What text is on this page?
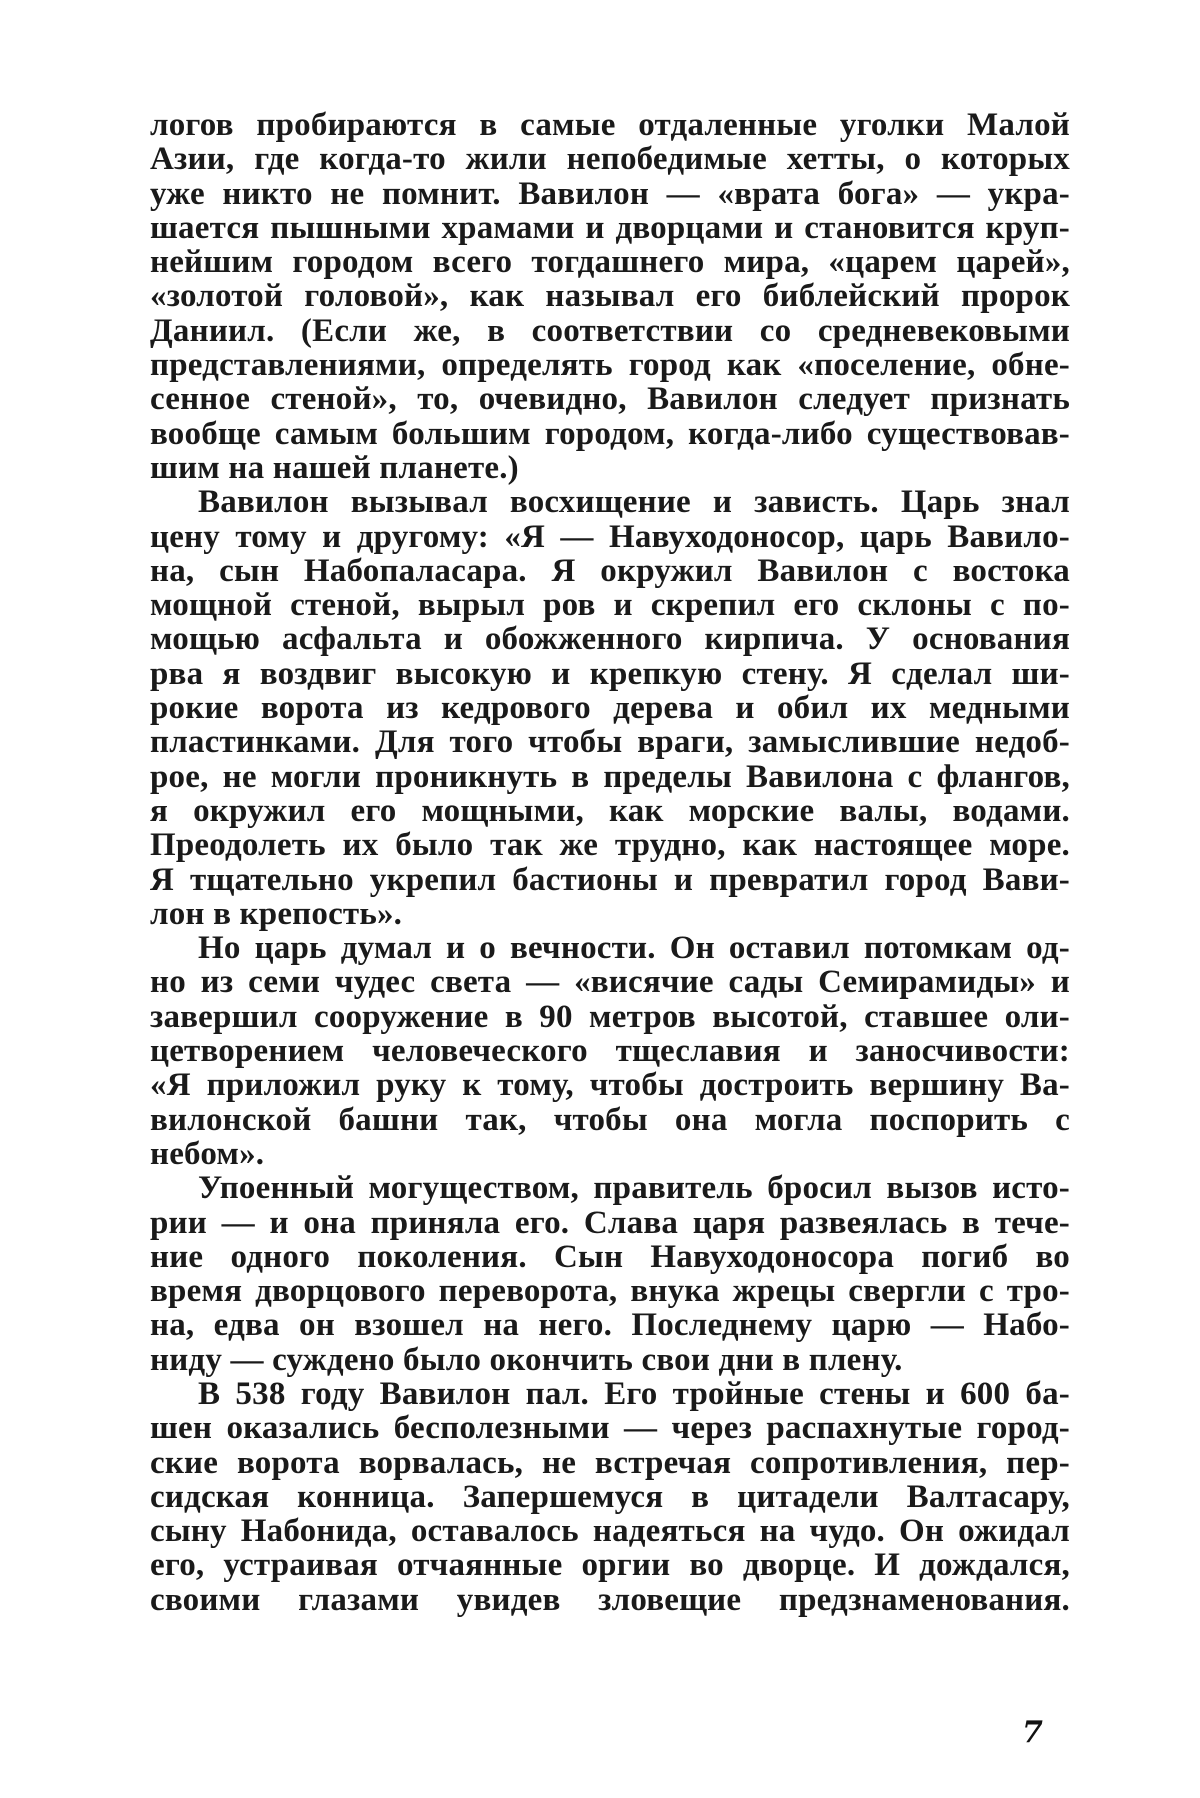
логов пробираются в самые отдаленные уголки Малой
Азии, где когда-то жили непобедимые хетты, о которых
уже никто не помнит. Вавилон — «врата бога» — укра-
шается пышными храмами и дворцами и становится круп-
нейшим городом всего тогдашнего мира, «царем царей»,
«золотой головой», как называл его библейский пророк
Даниил. (Если же, в соответствии со средневековыми
представлениями, определять город как «поселение, обне-
сенное стеной», то, очевидно, Вавилон следует признать
вообще самым большим городом, когда-либо существовав-
шим на нашей планете.)
Вавилон вызывал восхищение и зависть. Царь знал
цену тому и другому: «Я — Навуходоносор, царь Вавило-
на, сын Набопаласара. Я окружил Вавилон с востока
мощной стеной, вырыл ров и скрепил его склоны с по-
мощью асфальта и обожженного кирпича. У основания
рва я воздвиг высокую и крепкую стену. Я сделал ши-
рокие ворота из кедрового дерева и обил их медными
пластинками. Для того чтобы враги, замыслившие недоб-
рое, не могли проникнуть в пределы Вавилона с флангов,
я окружил его мощными, как морские валы, водами.
Преодолеть их было так же трудно, как настоящее море.
Я тщательно укрепил бастионы и превратил город Вави-
лон в крепость».
Но царь думал и о вечности. Он оставил потомкам од-
но из семи чудес света — «висячие сады Семирамиды» и
завершил сооружение в 90 метров высотой, ставшее оли-
цетворением человеческого тщеславия и заносчивости:
«Я приложил руку к тому, чтобы достроить вершину Ва-
вилонской башни так, чтобы она могла поспорить с
небом».
Упоенный могуществом, правитель бросил вызов исто-
рии — и она приняла его. Слава царя развеялась в тече-
ние одного поколения. Сын Навуходоносора погиб во
время дворцового переворота, внука жрецы свергли с тро-
на, едва он взошел на него. Последнему царю — Набо-
ниду — суждено было окончить свои дни в плену.
В 538 году Вавилон пал. Его тройные стены и 600 ба-
шен оказались бесполезными — через распахнутые город-
ские ворота ворвалась, не встречая сопротивления, пер-
сидская конница. Запершемуся в цитадели Валтасару,
сыну Набонида, оставалось надеяться на чудо. Он ожидал
его, устраивая отчаянные оргии во дворце. И дождался,
своими глазами увидев зловещие предзнаменования.
7
